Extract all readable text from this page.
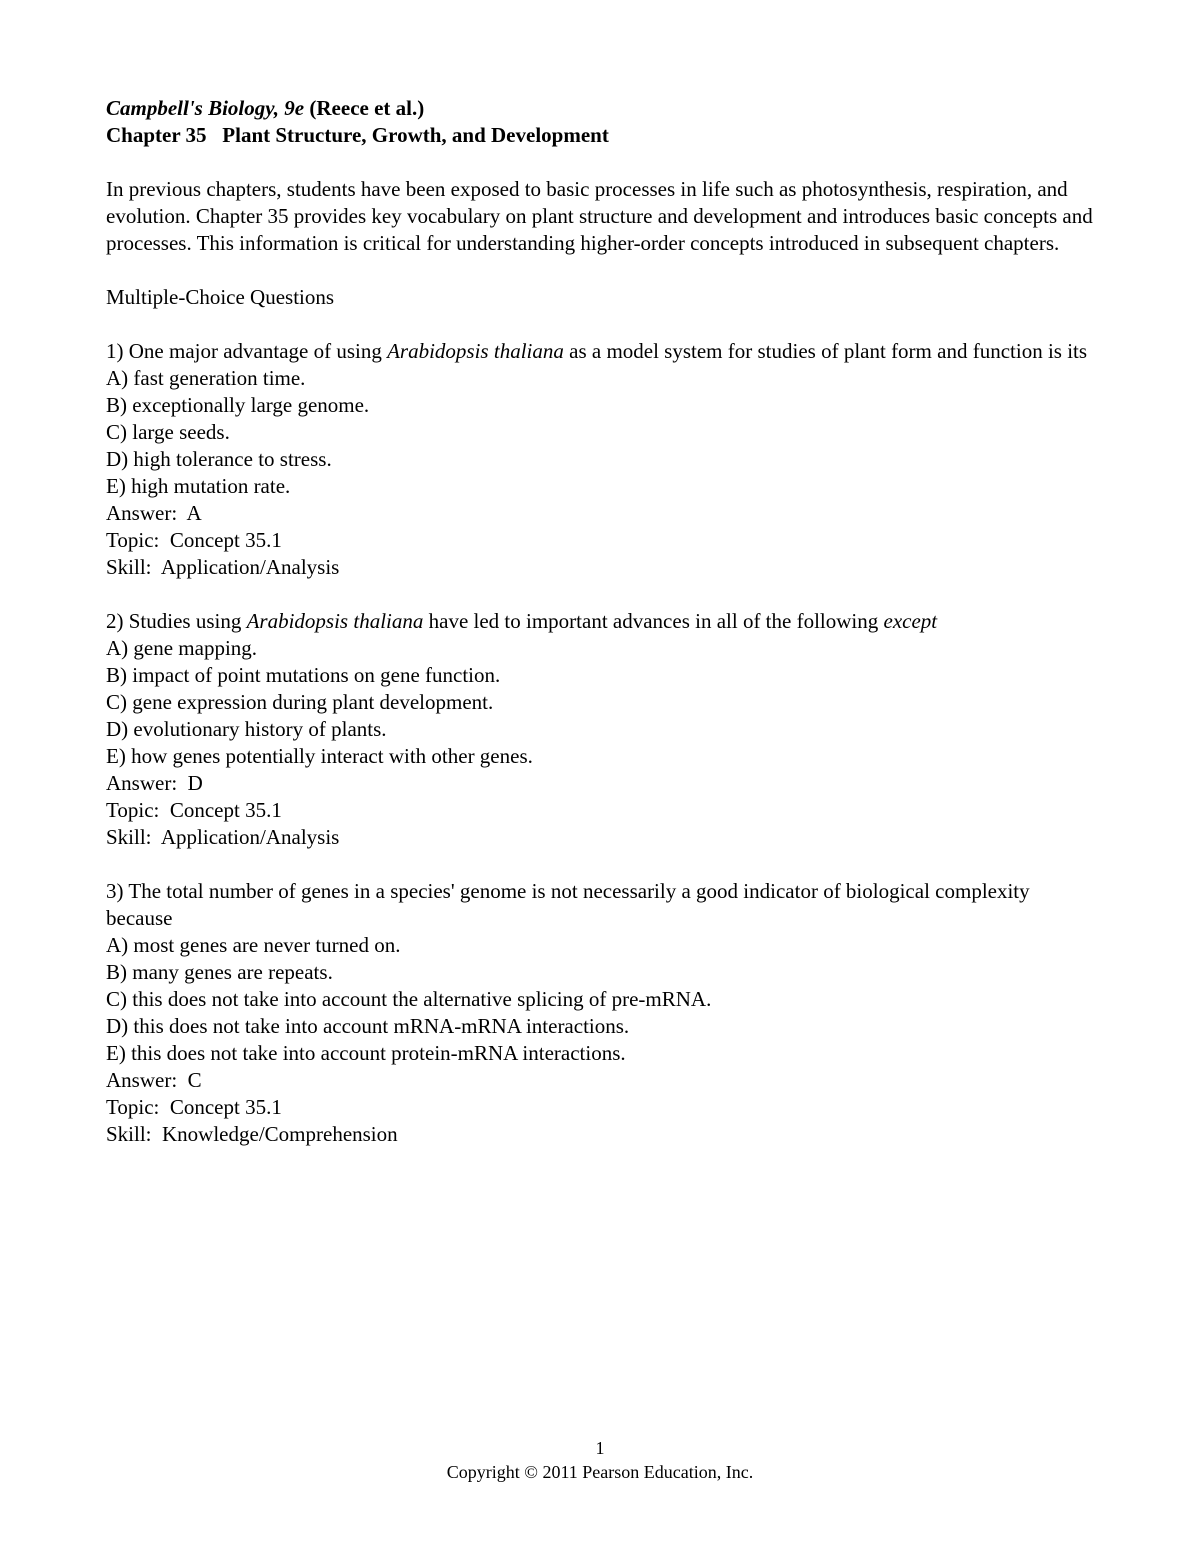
Campbell's Biology, 9e (Reece et al.)

Chapter 35   Plant Structure, Growth, and Development

In previous chapters, students have been exposed to basic processes in life such as photosynthesis, respiration, and evolution. Chapter 35 provides key vocabulary on plant structure and development and introduces basic concepts and processes. This information is critical for understanding higher-order concepts introduced in subsequent chapters.

Multiple-Choice Questions

1) One major advantage of using Arabidopsis thaliana as a model system for studies of plant form and function is its

A) fast generation time.

B) exceptionally large genome.

C) large seeds.

D) high tolerance to stress.

E) high mutation rate.

Answer:  A

Topic:  Concept 35.1

Skill:  Application/Analysis

2) Studies using Arabidopsis thaliana have led to important advances in all of the following except

A) gene mapping.

B) impact of point mutations on gene function.

C) gene expression during plant development.

D) evolutionary history of plants.

E) how genes potentially interact with other genes.

Answer:  D

Topic:  Concept 35.1

Skill:  Application/Analysis

3) The total number of genes in a species' genome is not necessarily a good indicator of biological complexity because

A) most genes are never turned on.

B) many genes are repeats.

C) this does not take into account the alternative splicing of pre-mRNA.

D) this does not take into account mRNA-mRNA interactions.

E) this does not take into account protein-mRNA interactions.

Answer:  C

Topic:  Concept 35.1

Skill:  Knowledge/Comprehension

1
Copyright © 2011 Pearson Education, Inc.
